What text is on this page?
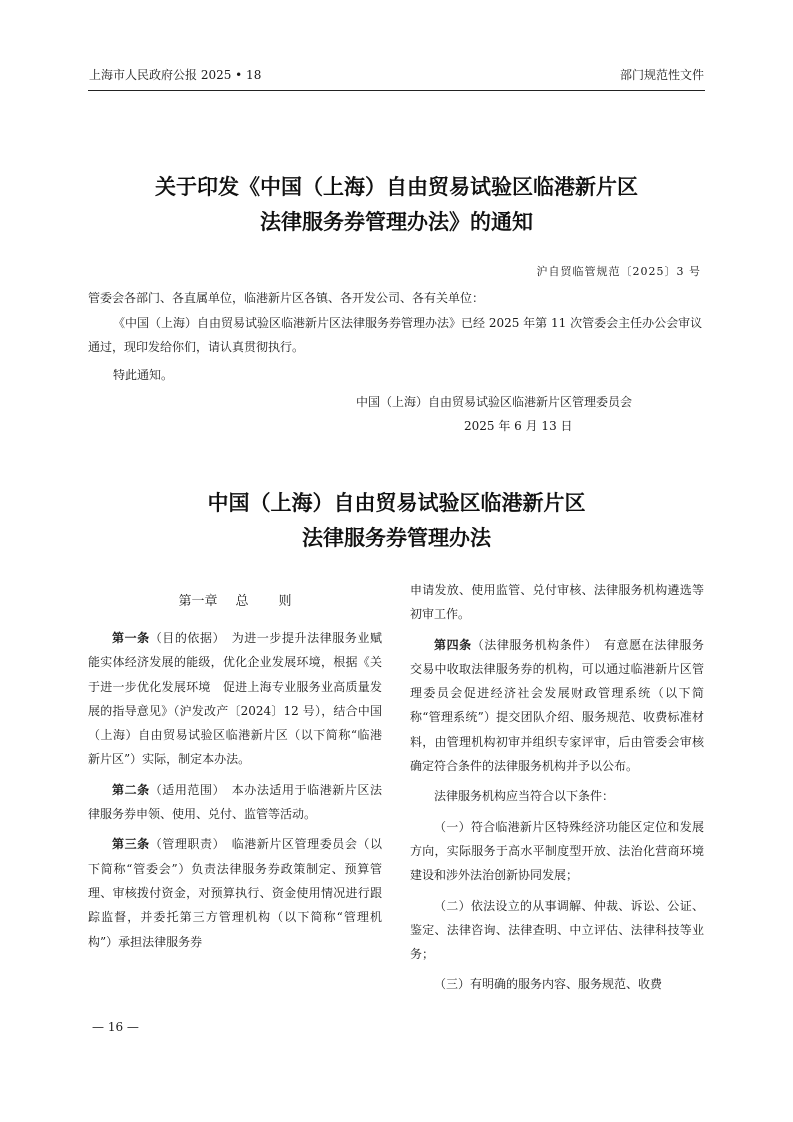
上海市人民政府公报 2025 • 18	部门规范性文件
关于印发《中国（上海）自由贸易试验区临港新片区
法律服务券管理办法》的通知
沪自贸临管规范〔2025〕3 号
管委会各部门、各直属单位，临港新片区各镇、各开发公司、各有关单位：
《中国（上海）自由贸易试验区临港新片区法律服务券管理办法》已经 2025 年第 11 次管委会主任办公会审议通过，现印发给你们，请认真贯彻执行。
特此通知。
中国（上海）自由贸易试验区临港新片区管理委员会
2025 年 6 月 13 日
中国（上海）自由贸易试验区临港新片区
法律服务券管理办法
第一章 总 则

第一条（目的依据）　为进一步提升法律服务业赋能实体经济发展的能级，优化企业发展环境，根据《关于进一步优化发展环境　促进上海专业服务业高质量发展的指导意见》（沪发改产〔2024〕12 号），结合中国（上海）自由贸易试验区临港新片区（以下简称“临港新片区”）实际，制定本办法。

第二条（适用范围）　本办法适用于临港新片区法律服务券申领、使用、兑付、监管等活动。

第三条（管理职责）　临港新片区管理委员会（以下简称“管委会”）负责法律服务券政策制定、预算管理、审核拨付资金，对预算执行、资金使用情况进行跟踪监督，并委托第三方管理机构（以下简称“管理机构”）承担法律服务券

申请发放、使用监管、兑付审核、法律服务机构遴选等初审工作。

第四条（法律服务机构条件）　有意愿在法律服务交易中收取法律服务券的机构，可以通过临港新片区管理委员会促进经济社会发展财政管理系统（以下简称“管理系统”）提交团队介绍、服务规范、收费标准材料，由管理机构初审并组织专家评审，后由管委会审核确定符合条件的法律服务机构并予以公布。

法律服务机构应当符合以下条件：

（一）符合临港新片区特殊经济功能区定位和发展方向，实际服务于高水平制度型开放、法治化营商环境建设和涉外法治创新协同发展；

（二）依法设立的从事调解、仲裁、诉讼、公证、鉴定、法律咨询、法律查明、中立评估、法律科技等业务；

（三）有明确的服务内容、服务规范、收费

— 16 —
